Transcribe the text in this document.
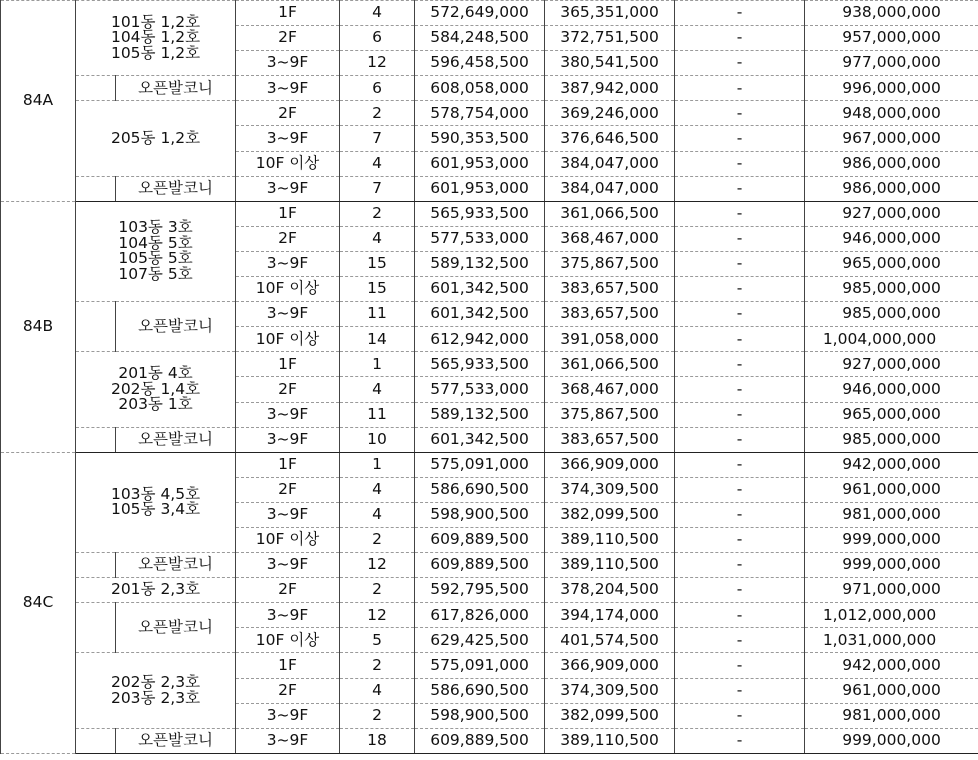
84A	101동 1,2호
104동 1,2호
105동 1,2호		1F	4	572,649,000	365,351,000	-	938,000,000
			2F	6	584,248,500	372,751,500	-	957,000,000
			3~9F	12	596,458,500	380,541,500	-	977,000,000
		오픈발코니	3~9F	6	608,058,000	387,942,000	-	996,000,000

	205동 1,2호		2F	2	578,754,000	369,246,000	-	948,000,000
			3~9F	7	590,353,500	376,646,500	-	967,000,000
			10F 이상	4	601,953,000	384,047,000	-	986,000,000
		오픈발코니	3~9F	7	601,953,000	384,047,000	-	986,000,000
84B	103동 3호
104동 5호
105동 5호
107동 5호		1F	2	565,933,500	361,066,500	-	927,000,000
			2F	4	577,533,000	368,467,000	-	946,000,000
			3~9F	15	589,132,500	375,867,500	-	965,000,000
			10F 이상	15	601,342,500	383,657,500	-	985,000,000
		오픈발코니	3~9F	11	601,342,500	383,657,500	-	985,000,000
			10F 이상	14	612,942,000	391,058,000	-	1,004,000,000

	201동 4호
202동 1,4호
203동 1호		1F	1	565,933,500	361,066,500	-	927,000,000
			2F	4	577,533,000	368,467,000	-	946,000,000
			3~9F	11	589,132,500	375,867,500	-	965,000,000
		오픈발코니	3~9F	10	601,342,500	383,657,500	-	985,000,000
84C	103동 4,5호
105동 3,4호		1F	1	575,091,000	366,909,000	-	942,000,000
			2F	4	586,690,500	374,309,500	-	961,000,000
			3~9F	4	598,900,500	382,099,500	-	981,000,000
			10F 이상	2	609,889,500	389,110,500	-	999,000,000
		오픈발코니	3~9F	12	609,889,500	389,110,500	-	999,000,000

	201동 2,3호		2F	2	592,795,500	378,204,500	-	971,000,000
		오픈발코니	3~9F	12	617,826,000	394,174,000	-	1,012,000,000
			10F 이상	5	629,425,500	401,574,500	-	1,031,000,000

	202동 2,3호
203동 2,3호		1F	2	575,091,000	366,909,000	-	942,000,000
			2F	4	586,690,500	374,309,500	-	961,000,000
			3~9F	2	598,900,500	382,099,500	-	981,000,000
		오픈발코니	3~9F	18	609,889,500	389,110,500	-	999,000,000
